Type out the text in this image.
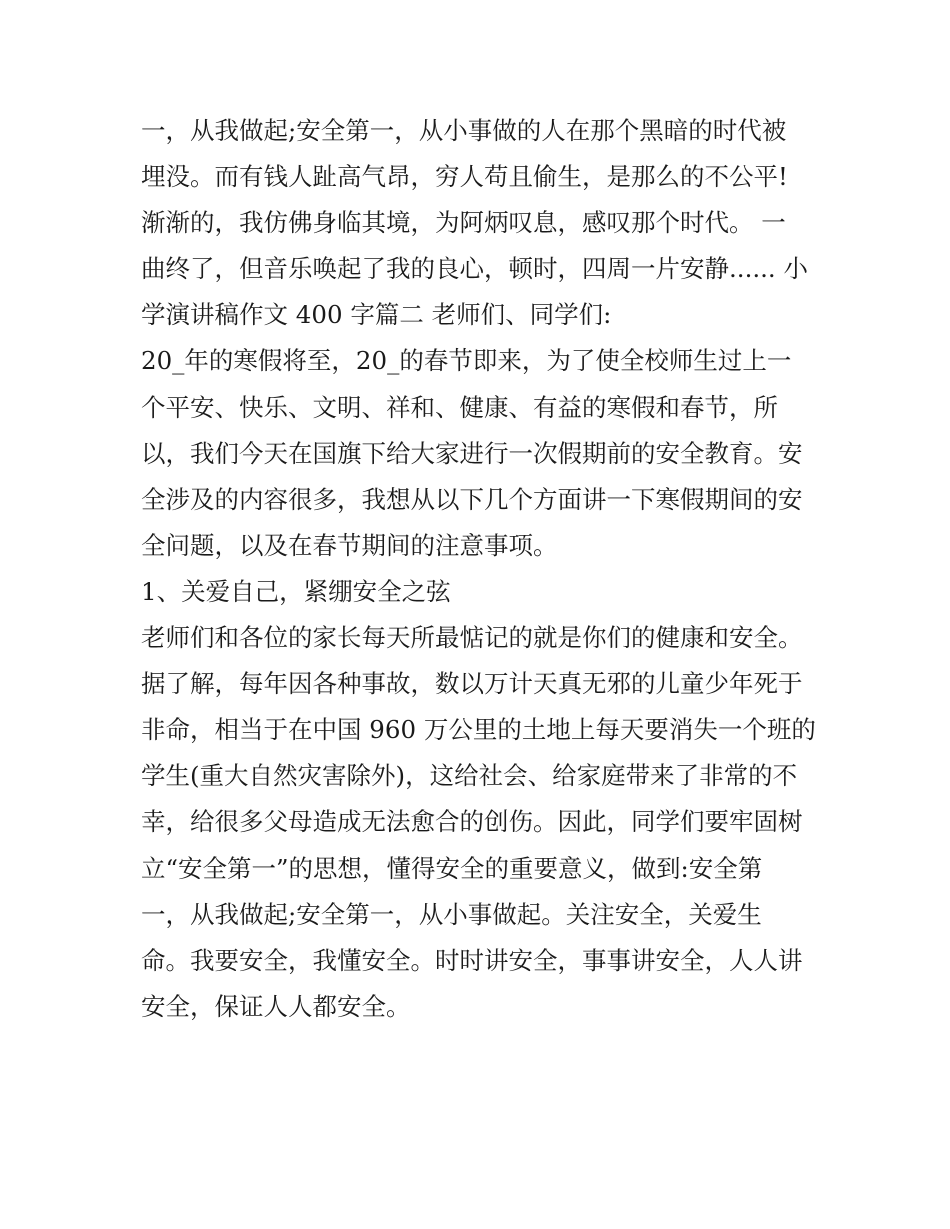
一，从我做起;安全第一，从小事做的人在那个黑暗的时代被
埋没。而有钱人趾高气昂，穷人苟且偷生，是那么的不公平!
渐渐的，我仿佛身临其境，为阿炳叹息，感叹那个时代。 一
曲终了，但音乐唤起了我的良心，顿时，四周一片安静...... 小
学演讲稿作文 400 字篇二 老师们、同学们:
20_年的寒假将至，20_的春节即来，为了使全校师生过上一
个平安、快乐、文明、祥和、健康、有益的寒假和春节，所
以，我们今天在国旗下给大家进行一次假期前的安全教育。安
全涉及的内容很多，我想从以下几个方面讲一下寒假期间的安
全问题，以及在春节期间的注意事项。
1、关爱自己，紧绷安全之弦
老师们和各位的家长每天所最惦记的就是你们的健康和安全。
据了解，每年因各种事故，数以万计天真无邪的儿童少年死于
非命，相当于在中国 960 万公里的土地上每天要消失一个班的
学生(重大自然灾害除外)，这给社会、给家庭带来了非常的不
幸，给很多父母造成无法愈合的创伤。因此，同学们要牢固树
立“安全第一”的思想，懂得安全的重要意义，做到:安全第
一，从我做起;安全第一，从小事做起。关注安全，关爱生
命。我要安全，我懂安全。时时讲安全，事事讲安全，人人讲
安全，保证人人都安全。
